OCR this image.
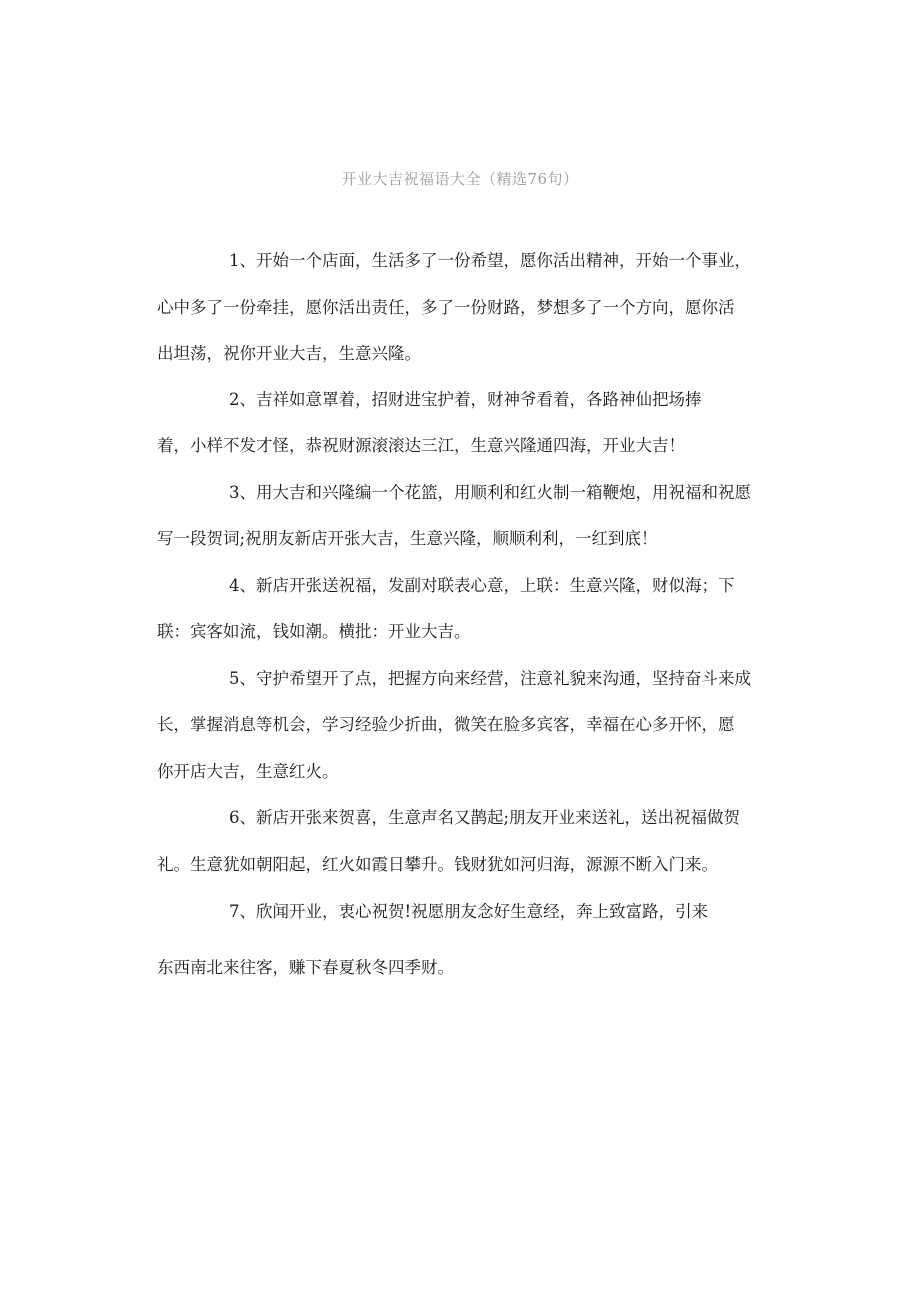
开业大吉祝福语大全（精选76句）
1、开始一个店面，生活多了一份希望，愿你活出精神，开始一个事业，
心中多了一份牵挂，愿你活出责任，多了一份财路，梦想多了一个方向，愿你活
出坦荡，祝你开业大吉，生意兴隆。
2、吉祥如意罩着，招财进宝护着，财神爷看着，各路神仙把场捧
着，小样不发才怪，恭祝财源滚滚达三江，生意兴隆通四海，开业大吉！
3、用大吉和兴隆编一个花篮，用顺利和红火制一箱鞭炮，用祝福和祝愿
写一段贺词;祝朋友新店开张大吉，生意兴隆，顺顺利利，一红到底！
4、新店开张送祝福，发副对联表心意，上联：生意兴隆，财似海；下
联：宾客如流，钱如潮。横批：开业大吉。
5、守护希望开了点，把握方向来经营，注意礼貌来沟通，坚持奋斗来成
长，掌握消息等机会，学习经验少折曲，微笑在脸多宾客，幸福在心多开怀，愿
你开店大吉，生意红火。
6、新店开张来贺喜，生意声名又鹊起;朋友开业来送礼，送出祝福做贺
礼。生意犹如朝阳起，红火如霞日攀升。钱财犹如河归海，源源不断入门来。
7、欣闻开业，衷心祝贺!祝愿朋友念好生意经，奔上致富路，引来
东西南北来往客，赚下春夏秋冬四季财。
